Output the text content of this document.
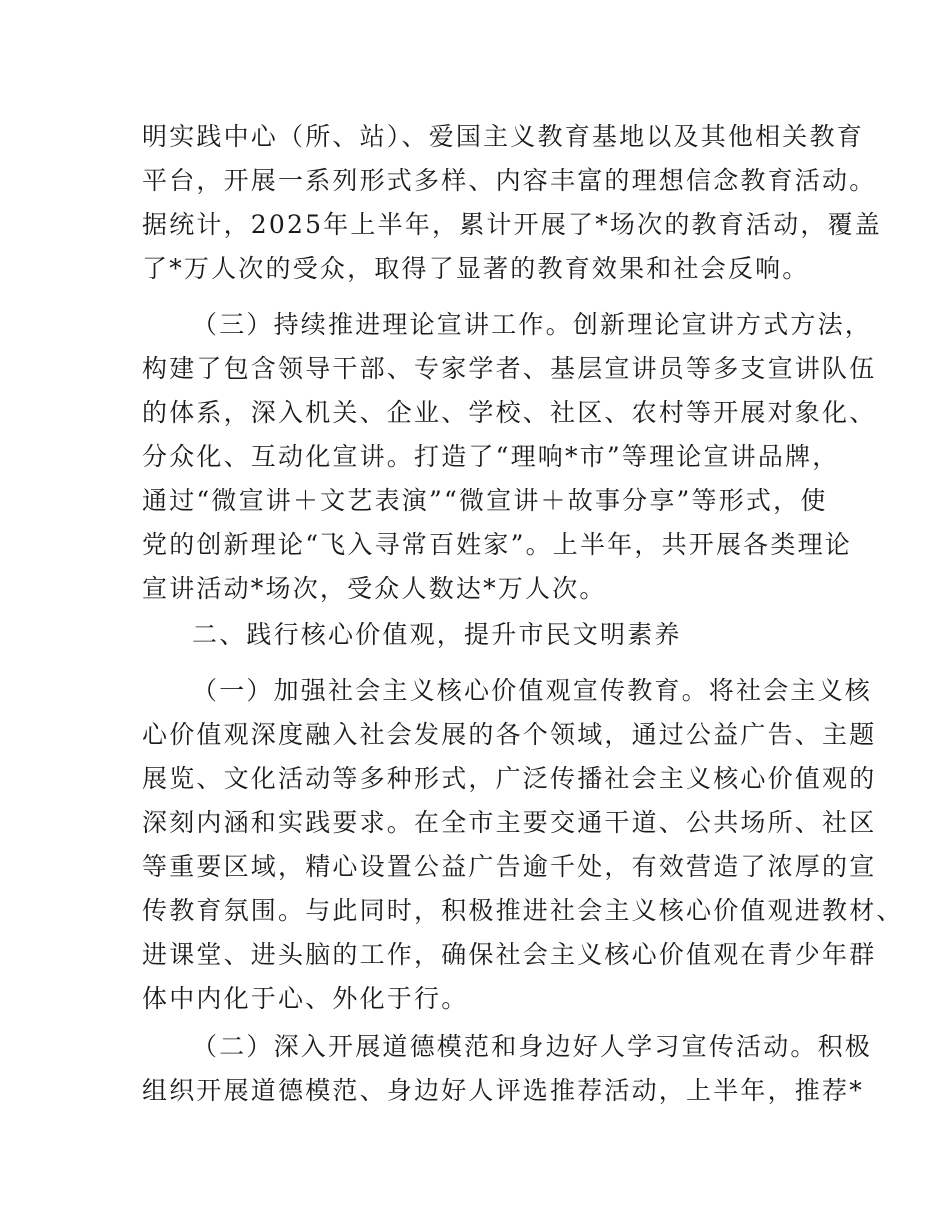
明实践中心（所、站）、爱国主义教育基地以及其他相关教育
平台，开展一系列形式多样、内容丰富的理想信念教育活动。
据统计，2025年上半年，累计开展了*场次的教育活动，覆盖
了*万人次的受众，取得了显著的教育效果和社会反响。
（三）持续推进理论宣讲工作。创新理论宣讲方式方法，
构建了包含领导干部、专家学者、基层宣讲员等多支宣讲队伍
的体系，深入机关、企业、学校、社区、农村等开展对象化、
分众化、互动化宣讲。打造了“理响*市”等理论宣讲品牌，
通过“微宣讲＋文艺表演”“微宣讲＋故事分享”等形式，使
党的创新理论“飞入寻常百姓家”。上半年，共开展各类理论
宣讲活动*场次，受众人数达*万人次。
二、践行核心价值观，提升市民文明素养
（一）加强社会主义核心价值观宣传教育。将社会主义核
心价值观深度融入社会发展的各个领域，通过公益广告、主题
展览、文化活动等多种形式，广泛传播社会主义核心价值观的
深刻内涵和实践要求。在全市主要交通干道、公共场所、社区
等重要区域，精心设置公益广告逾千处，有效营造了浓厚的宣
传教育氛围。与此同时，积极推进社会主义核心价值观进教材、
进课堂、进头脑的工作，确保社会主义核心价值观在青少年群
体中内化于心、外化于行。
（二）深入开展道德模范和身边好人学习宣传活动。积极
组织开展道德模范、身边好人评选推荐活动，上半年，推荐*
